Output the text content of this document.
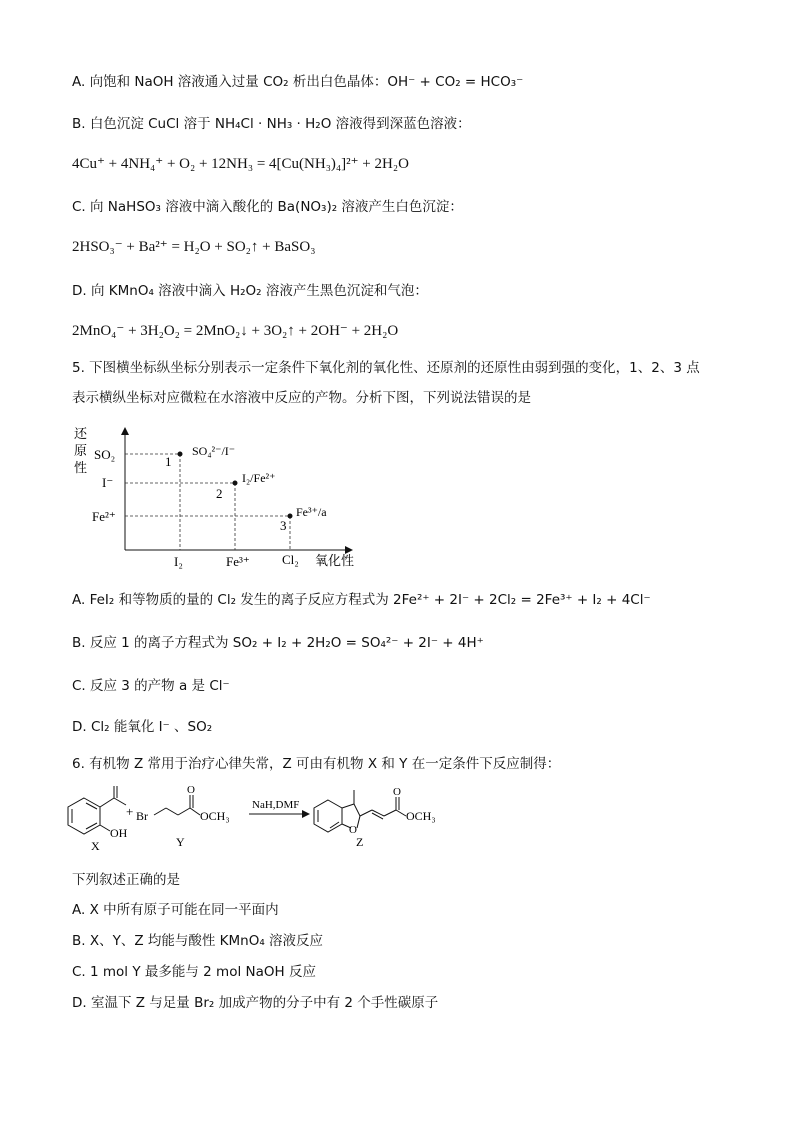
A. 向饱和 NaOH 溶液通入过量 CO₂ 析出白色晶体：OH⁻ + CO₂ = HCO₃⁻
B. 白色沉淀 CuCl 溶于 NH₄Cl · NH₃ · H₂O 溶液得到深蓝色溶液：
4Cu⁺ + 4NH₄⁺ + O₂ + 12NH₃ = 4[Cu(NH₃)₄]²⁺ + 2H₂O
C. 向 NaHSO₃ 溶液中滴入酸化的 Ba(NO₃)₂ 溶液产生白色沉淀：
2HSO₃⁻ + Ba²⁺ = H₂O + SO₂↑ + BaSO₃
D. 向 KMnO₄ 溶液中滴入 H₂O₂ 溶液产生黑色沉淀和气泡：
2MnO₄⁻ + 3H₂O₂ = 2MnO₂↓ + 3O₂↑ + 2OH⁻ + 2H₂O
5. 下图横坐标纵坐标分别表示一定条件下氧化剂的氧化性、还原剂的还原性由弱到强的变化，1、2、3 点
表示横纵坐标对应微粒在水溶液中反应的产物。分析下图，下列说法错误的是
还
原
性
SO₂
I⁻
Fe²⁺
I₂	Fe³⁺ Cl₂ 氧化性
1
2
3
SO₄²⁻/I⁻
I₂/Fe²⁺
Fe³⁺/a
A. FeI₂ 和等物质的量的 Cl₂ 发生的离子反应方程式为 2Fe²⁺ + 2I⁻ + 2Cl₂ = 2Fe³⁺ + I₂ + 4Cl⁻
B. 反应 1 的离子方程式为 SO₂ + I₂ + 2H₂O = SO₄²⁻ + 2I⁻ + 4H⁺
C. 反应 3 的产物 a 是 Cl⁻
D. Cl₂ 能氧化 I⁻ 、SO₂
6. 有机物 Z 常用于治疗心律失常，Z 可由有机物 X 和 Y 在一定条件下反应制得：
OH
X
+ Br
O
OCH₃
Y
NaH,DMF
O
O
OCH₃
Z
下列叙述正确的是
A. X 中所有原子可能在同一平面内
B. X、Y、Z 均能与酸性 KMnO₄ 溶液反应
C. 1 mol Y 最多能与 2 mol NaOH 反应
D. 室温下 Z 与足量 Br₂ 加成产物的分子中有 2 个手性碳原子
